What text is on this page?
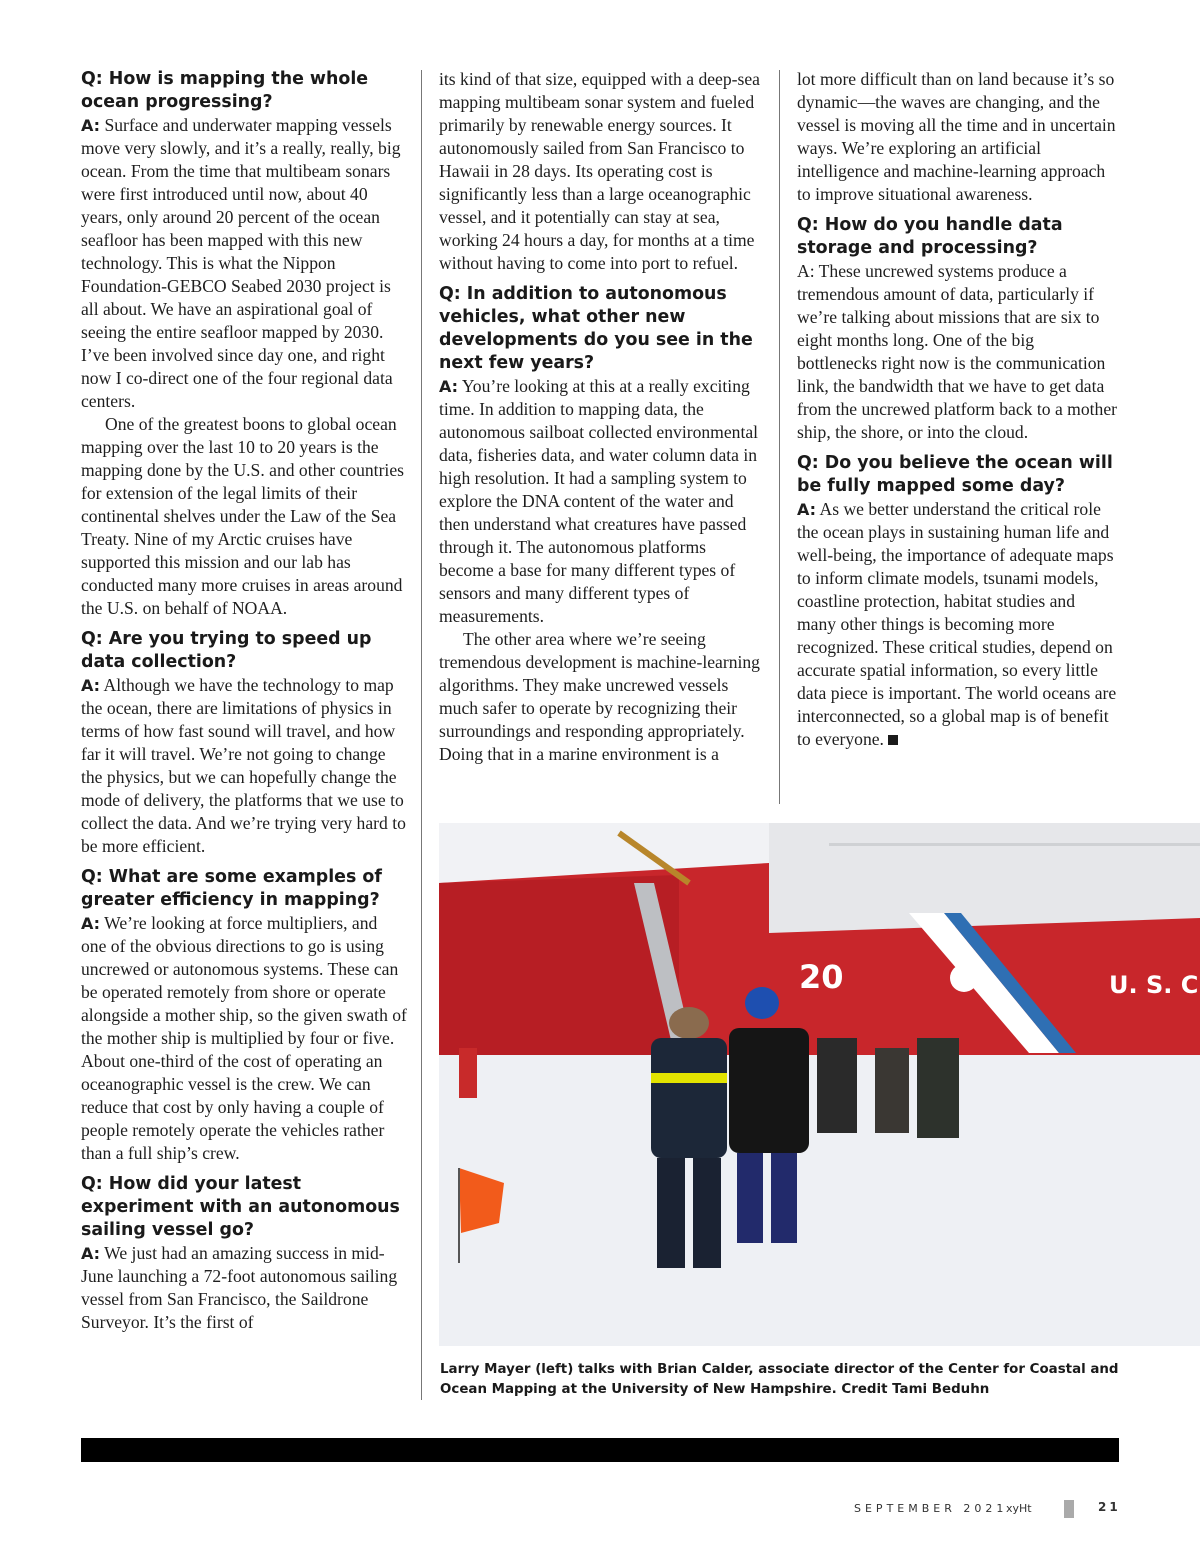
Q: How is mapping the whole ocean progressing?

A: Surface and underwater mapping vessels move very slowly, and it’s a really, really, big ocean. From the time that multibeam sonars were first introduced until now, about 40 years, only around 20 percent of the ocean seafloor has been mapped with this new technology. This is what the Nippon Foundation-GEBCO Seabed 2030 project is all about. We have an aspirational goal of seeing the entire seafloor mapped by 2030. I’ve been involved since day one, and right now I co-direct one of the four regional data centers.

One of the greatest boons to global ocean mapping over the last 10 to 20 years is the mapping done by the U.S. and other countries for extension of the legal limits of their continental shelves under the Law of the Sea Treaty. Nine of my Arctic cruises have supported this mission and our lab has conducted many more cruises in areas around the U.S. on behalf of NOAA.

Q: Are you trying to speed up data collection?

A: Although we have the technology to map the ocean, there are limitations of physics in terms of how fast sound will travel, and how far it will travel. We’re not going to change the physics, but we can hopefully change the mode of delivery, the platforms that we use to collect the data. And we’re trying very hard to be more efficient.

Q: What are some examples of greater efficiency in mapping?

A: We’re looking at force multipliers, and one of the obvious directions to go is using uncrewed or autonomous systems. These can be operated remotely from shore or operate alongside a mother ship, so the given swath of the mother ship is multiplied by four or five. About one-third of the cost of operating an oceanographic vessel is the crew. We can reduce that cost by only having a couple of people remotely operate the vehicles rather than a full ship’s crew.

Q: How did your latest experiment with an autonomous sailing vessel go?

A: We just had an amazing success in mid-June launching a 72-foot autonomous sailing vessel from San Francisco, the Saildrone Surveyor. It’s the first of

its kind of that size, equipped with a deep-sea mapping multibeam sonar system and fueled primarily by renewable energy sources. It autonomously sailed from San Francisco to Hawaii in 28 days. Its operating cost is significantly less than a large oceanographic vessel, and it potentially can stay at sea, working 24 hours a day, for months at a time without having to come into port to refuel.

Q: In addition to autonomous vehicles, what other new developments do you see in the next few years?

A: You’re looking at this at a really exciting time. In addition to mapping data, the autonomous sailboat collected environmental data, fisheries data, and water column data in high resolution. It had a sampling system to explore the DNA content of the water and then understand what creatures have passed through it. The autonomous platforms become a base for many different types of sensors and many different types of measurements.

The other area where we’re seeing tremendous development is machine-learning algorithms. They make uncrewed vessels much safer to operate by recognizing their surroundings and responding appropriately. Doing that in a marine environment is a

lot more difficult than on land because it’s so dynamic—the waves are changing, and the vessel is moving all the time and in uncertain ways. We’re exploring an artificial intelligence and machine-learning approach to improve situational awareness.

Q: How do you handle data storage and processing?

A: These uncrewed systems produce a tremendous amount of data, particularly if we’re talking about missions that are six to eight months long. One of the big bottlenecks right now is the communication link, the bandwidth that we have to get data from the uncrewed platform back to a mother ship, the shore, or into the cloud.

Q: Do you believe the ocean will be fully mapped some day?

A: As we better understand the critical role the ocean plays in sustaining human life and well-being, the importance of adequate maps to inform climate models, tsunami models, coastline protection, habitat studies and many other things is becoming more recognized. These critical studies, depend on accurate spatial information, so every little data piece is important. The world oceans are interconnected, so a global map is of benefit to everyone.

20	U. S. C
Larry Mayer (left) talks with Brian Calder, associate director of the Center for Coastal and Ocean Mapping at the University of New Hampshire. Credit Tami Beduhn
SEPTEMBER 2021
xyHt	21
